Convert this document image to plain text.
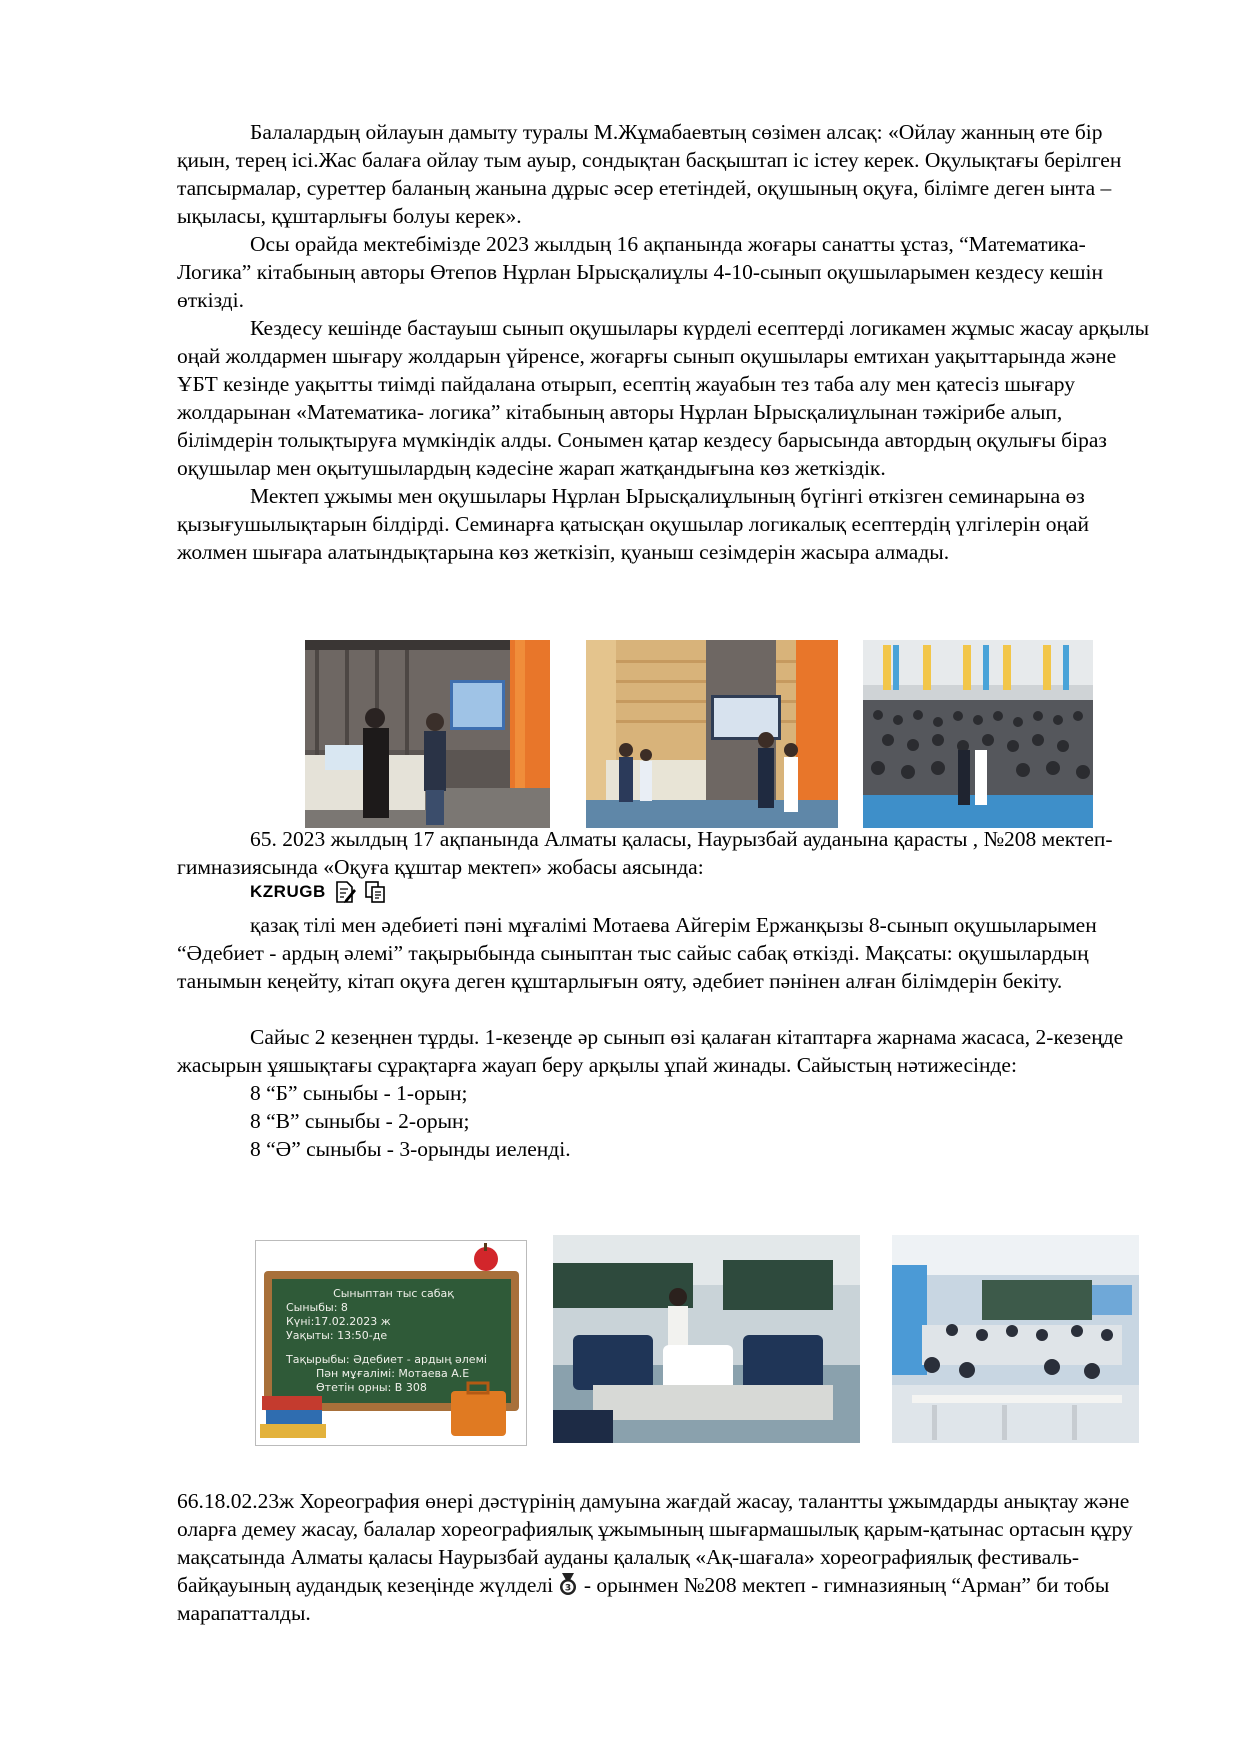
Балалардың ойлауын дамыту туралы М.Жұмабаевтың сөзімен алсақ: «Ойлау жанның өте бір қиын, терең ісі.Жас балаға ойлау тым ауыр, сондықтан басқыштап іс істеу керек. Оқулықтағы берілген тапсырмалар, суреттер баланың жанына дұрыс әсер ететіндей, оқушының оқуға, білімге деген ынта – ықыласы, құштарлығы болуы керек».

Осы орайда мектебімізде 2023 жылдың 16 ақпанында жоғары санатты ұстаз, “Математика-Логика” кітабының авторы Өтепов Нұрлан Ырысқалиұлы 4-10-сынып оқушыларымен кездесу кешін өткізді.

Кездесу кешінде бастауыш сынып оқушылары күрделі есептерді логикамен жұмыс жасау арқылы оңай жолдармен шығару жолдарын үйренсе, жоғарғы сынып оқушылары емтихан уақыттарында және ҰБТ кезінде уақытты тиімді пайдалана отырып, есептің жауабын тез таба алу мен қатесіз шығару жолдарынан «Математика- логика” кітабының авторы Нұрлан Ырысқалиұлынан тәжірибе алып, білімдерін толықтыруға мүмкіндік алды. Сонымен қатар кездесу барысында автордың оқулығы біраз оқушылар мен оқытушылардың кәдесіне жарап жатқандығына көз жеткіздік.

Мектеп ұжымы мен оқушылары Нұрлан Ырысқалиұлының бүгінгі өткізген семинарына өз қызығушылықтарын білдірді. Семинарға қатысқан оқушылар логикалық есептердің үлгілерін оңай жолмен шығара алатындықтарына көз жеткізіп, қуаныш сезімдерін жасыра алмады.

65. 2023 жылдың 17 ақпанында Алматы қаласы, Наурызбай ауданына қарасты , №208 мектеп- гимназиясында «Оқуға құштар мектеп» жобасы аясында:

KZRUGB

қазақ тілі мен әдебиеті пәні мұғалімі Мотаева Айгерім Ержанқызы 8-сынып оқушыларымен “Әдебиет - ардың әлемі” тақырыбында сыныптан тыс сайыс сабақ өткізді. Мақсаты: оқушылардың танымын кеңейту, кітап оқуға деген құштарлығын ояту, әдебиет пәнінен алған білімдерін бекіту.

Сайыс 2 кезеңнен тұрды. 1-кезеңде әр сынып өзі қалаған кітаптарға жарнама жасаса, 2-кезеңде жасырын ұяшықтағы сұрақтарға жауап беру арқылы ұпай жинады. Сайыстың нәтижесінде:

8 “Б” сыныбы - 1-орын;

8 “В” сыныбы - 2-орын;

8 “Ә” сыныбы - 3-орынды иеленді.

Сыныптан тыс сабақ
Сыныбы: 8
Күні:17.02.2023 ж
Уақыты: 13:50-де
Тақырыбы: Әдебиет - ардың әлемі
Пән мұғалімі: Мотаева А.Е
Өтетін орны: В 308

66.18.02.23ж Хореография өнері дәстүрінің дамуына жағдай жасау, талантты ұжымдарды анықтау және оларға демеу жасау, балалар хореографиялық ұжымының шығармашылық қарым-қатынас ортасын құру мақсатында Алматы қаласы Наурызбай ауданы қалалық «Ақ-шағала» хореографиялық фестиваль-байқауының аудандық кезеңінде жүлделі 3 - орынмен №208 мектеп - гимназияның “Арман” би тобы марапатталды.
